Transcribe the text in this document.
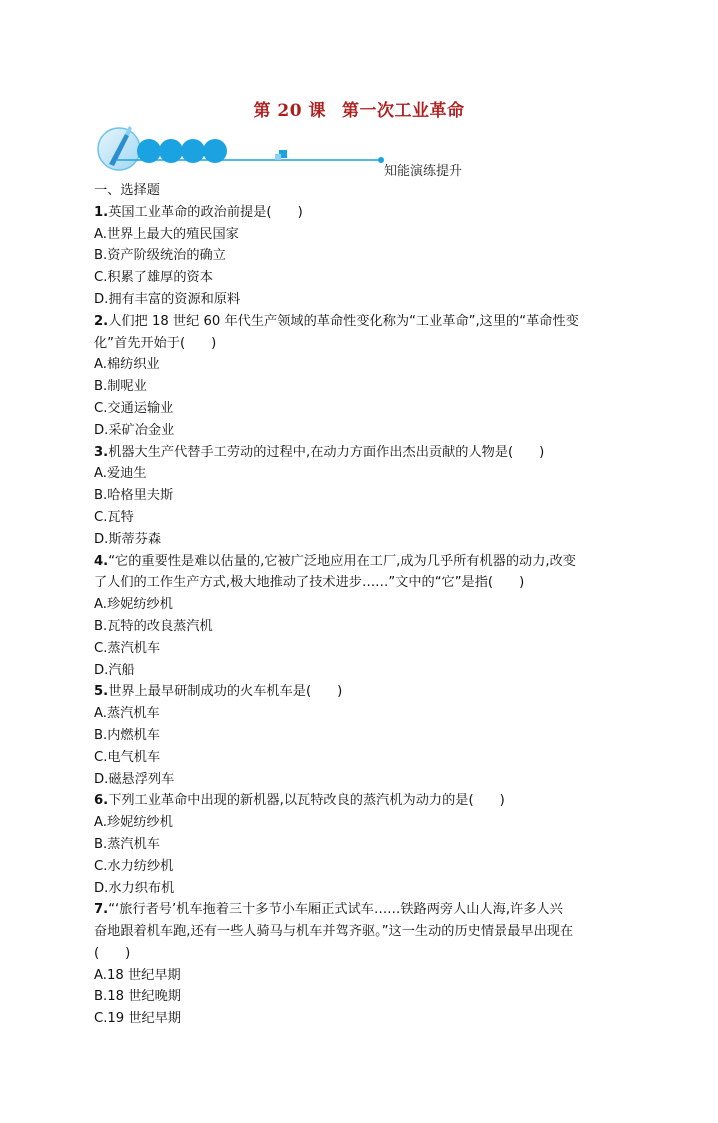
第 20 课 第一次工业革命
知能演练提升
一、选择题
1.英国工业革命的政治前提是( )
A.世界上最大的殖民国家
B.资产阶级统治的确立
C.积累了雄厚的资本
D.拥有丰富的资源和原料
2.人们把 18 世纪 60 年代生产领域的革命性变化称为“工业革命”,这里的“革命性变
化”首先开始于( )
A.棉纺织业
B.制呢业
C.交通运输业
D.采矿冶金业
3.机器大生产代替手工劳动的过程中,在动力方面作出杰出贡献的人物是( )
A.爱迪生
B.哈格里夫斯
C.瓦特
D.斯蒂芬森
4.“它的重要性是难以估量的,它被广泛地应用在工厂,成为几乎所有机器的动力,改变
了人们的工作生产方式,极大地推动了技术进步……”文中的“它”是指( )
A.珍妮纺纱机
B.瓦特的改良蒸汽机
C.蒸汽机车
D.汽船
5.世界上最早研制成功的火车机车是( )
A.蒸汽机车
B.内燃机车
C.电气机车
D.磁悬浮列车
6.下列工业革命中出现的新机器,以瓦特改良的蒸汽机为动力的是( )
A.珍妮纺纱机
B.蒸汽机车
C.水力纺纱机
D.水力织布机
7.“‘旅行者号’机车拖着三十多节小车厢正式试车……铁路两旁人山人海,许多人兴
奋地跟着机车跑,还有一些人骑马与机车并驾齐驱。”这一生动的历史情景最早出现在
( )
A.18 世纪早期
B.18 世纪晚期
C.19 世纪早期
